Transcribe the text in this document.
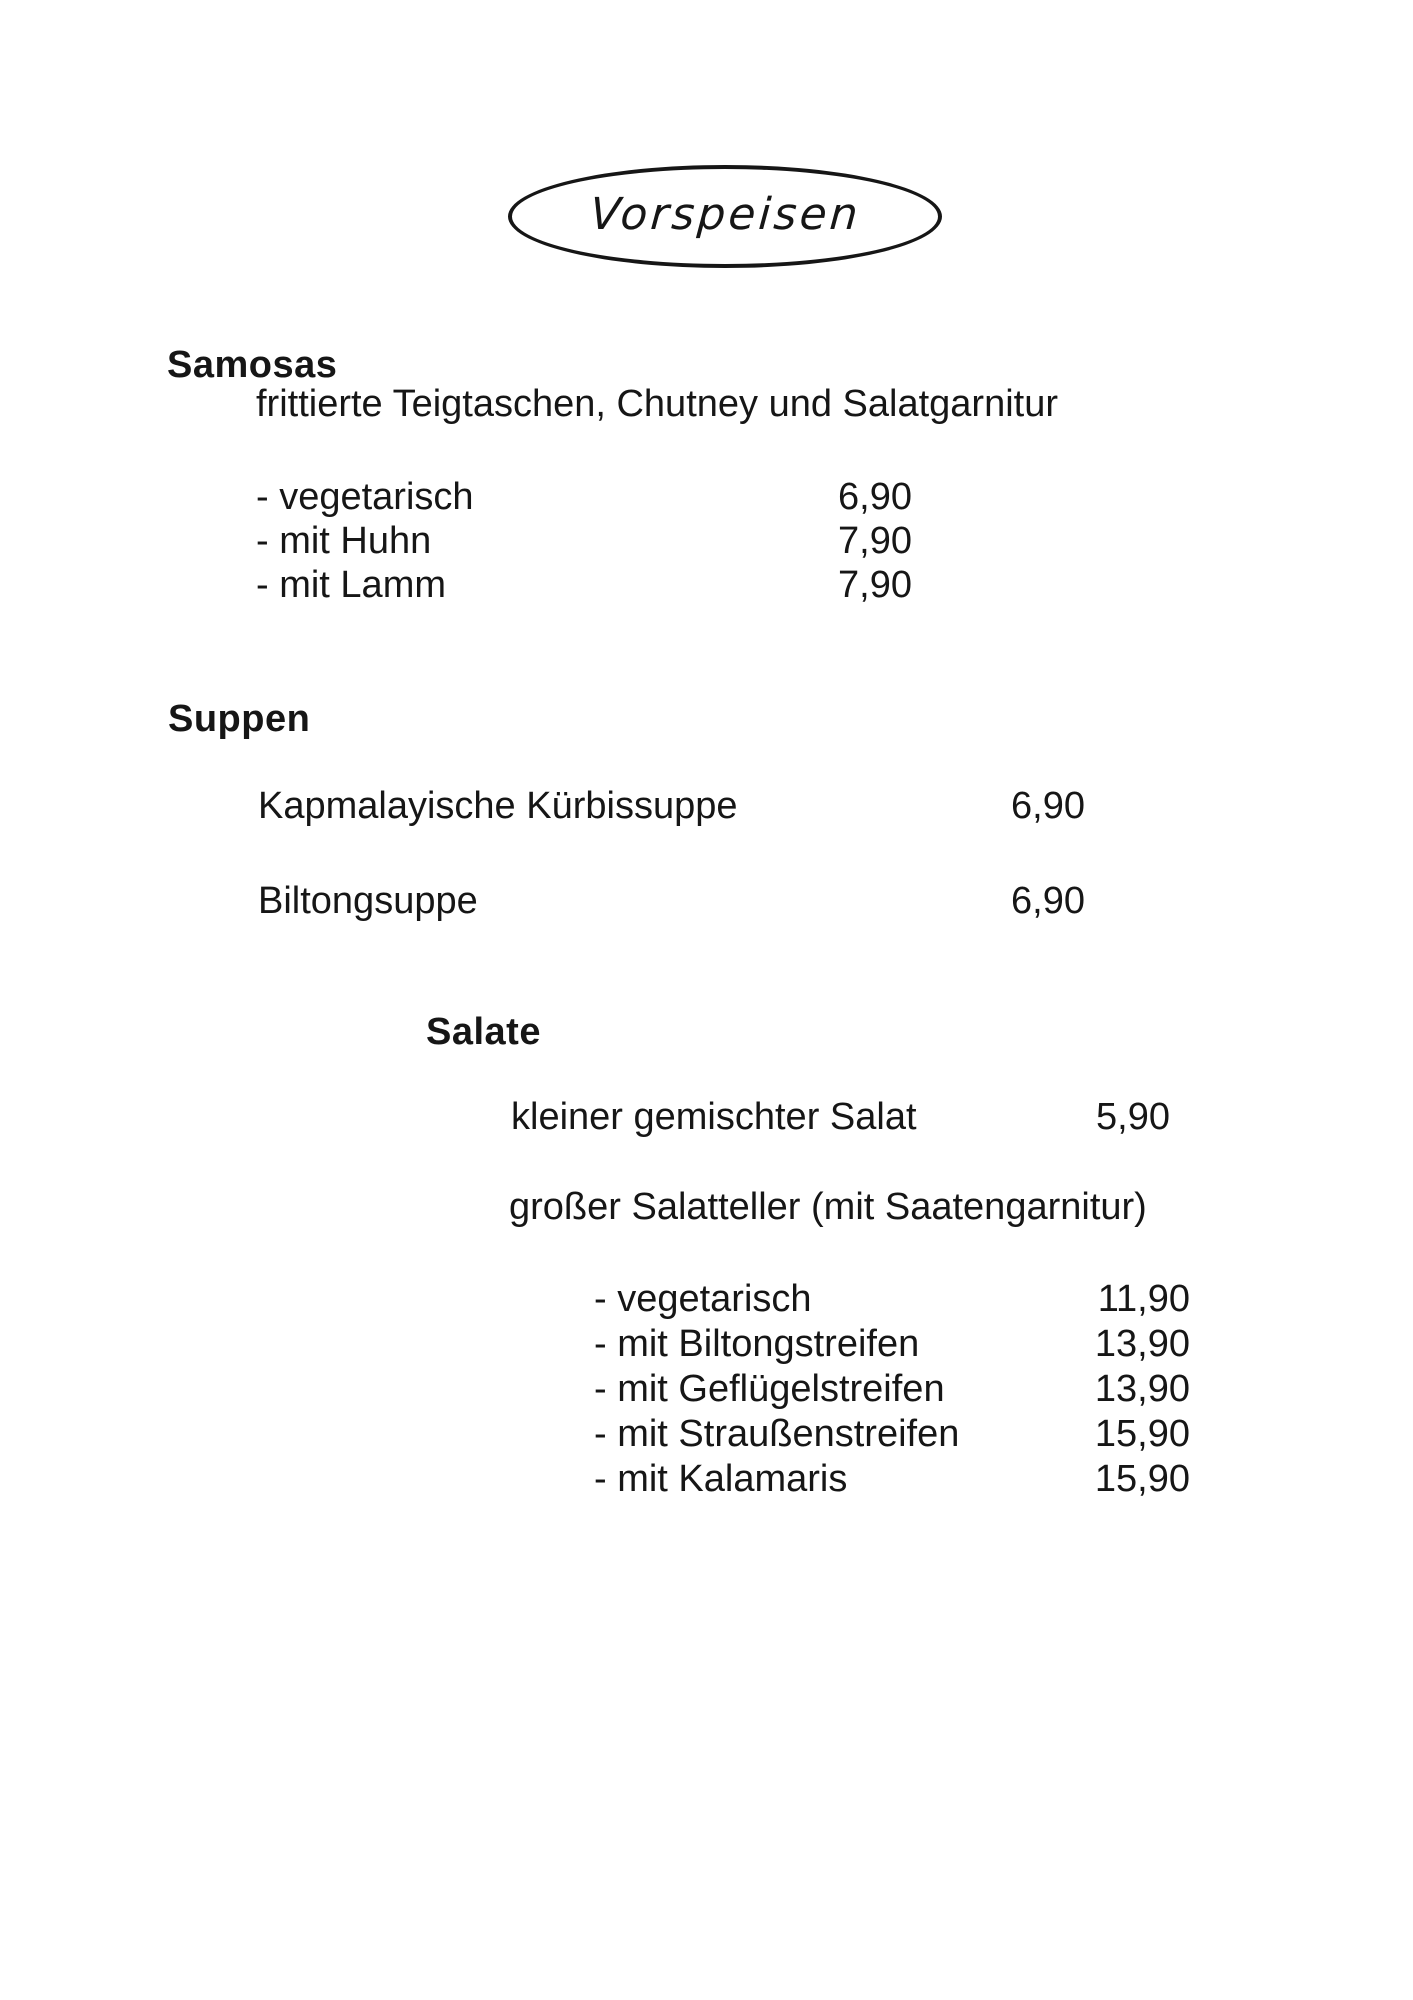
Vorspeisen
Samosas
frittierte Teigtaschen, Chutney und Salatgarnitur
- vegetarisch	6,90
- mit Huhn	7,90
- mit Lamm	7,90
Suppen
Kapmalayische Kürbissuppe	6,90
Biltongsuppe	6,90
Salate
kleiner gemischter Salat	5,90
großer Salatteller (mit Saatengarnitur)
- vegetarisch	11,90
- mit Biltongstreifen	13,90
- mit Geflügelstreifen	13,90
- mit Straußenstreifen	15,90
- mit Kalamaris	15,90
